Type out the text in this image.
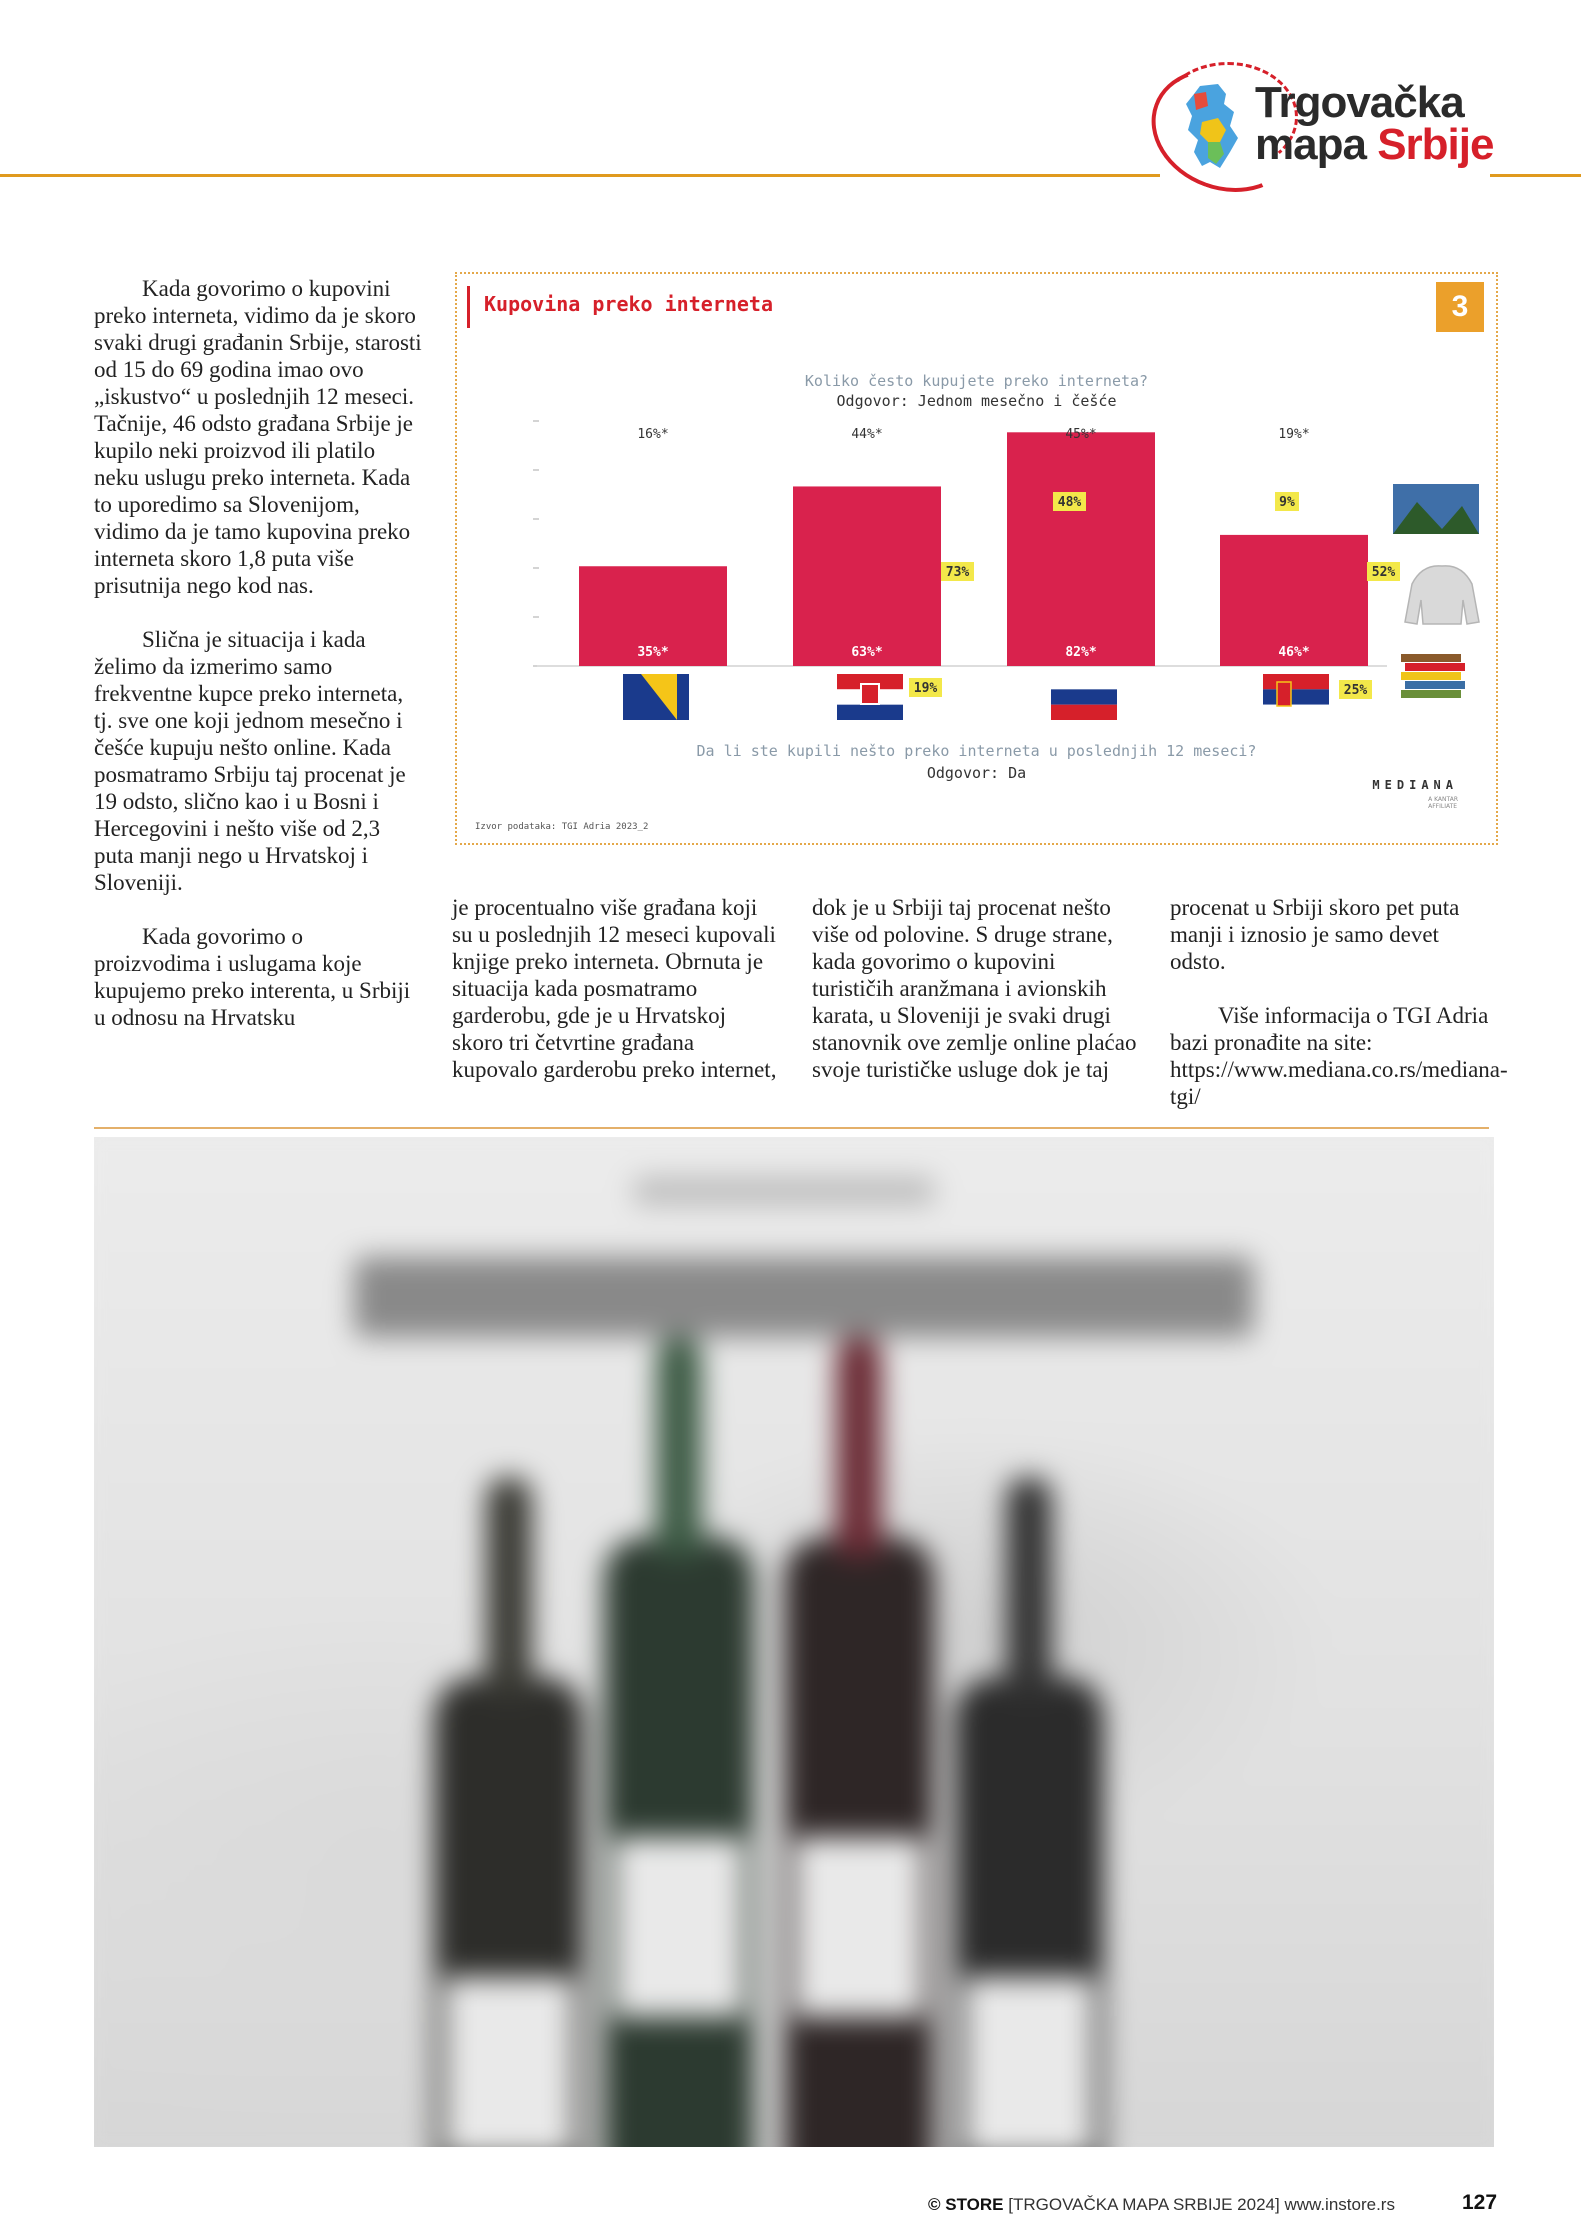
Trgovačka
mapa Srbije

Kada govorimo o kupovini preko interneta, vidimo da je skoro svaki drugi građanin Srbije, starosti od 15 do 69 godina imao ovo „iskustvo“ u poslednjih 12 meseci. Tačnije, 46 odsto građana Srbije je kupilo neki proizvod ili platilo neku uslugu preko interneta. Kada to uporedimo sa Slovenijom, vidimo da je tamo kupovina preko interneta skoro 1,8 puta više prisutnija nego kod nas.

Slična je situacija i kada želimo da izmerimo samo frekventne kupce preko interneta, tj. sve one koji jednom mesečno i češće kupuju nešto online. Kada posmatramo Srbiju taj procenat je 19 odsto, slično kao i u Bosni i Hercegovini i nešto više od 2,3 puta manji nego u Hrvatskoj i Sloveniji.

Kada govorimo o proizvodima i uslugama koje kupujemo preko interenta, u Srbiji u odnosu na Hrvatsku

Kupovina preko interneta	3
Koliko često kupujete preko interneta?
Odgovor: Jednom mesečno i češće
35%*
16%*
63%*
44%*
82%*
45%*
46%*
19%*
48%	9%
73%	52%
19%	25%
Da li ste kupili nešto preko interneta u poslednjih 12 meseci?
Odgovor: Da
Izvor podataka: TGI Adria 2023_2
MEDIANA
A KANTAR
AFFILIATE

je procentualno više građana koji su u poslednjih 12 meseci kupovali knjige preko interneta. Obrnuta je situacija kada posmatramo garderobu, gde je u Hrvatskoj skoro tri četvrtine građana kupovalo garderobu preko internet,

dok je u Srbiji taj procenat nešto više od polovine. S druge strane, kada govorimo o kupovini turističih aranžmana i avionskih karata, u Sloveniji je svaki drugi stanovnik ove zemlje online plaćao svoje turističke usluge dok je taj

procenat u Srbiji skoro pet puta manji i iznosio je samo devet odsto.

Više informacija o TGI Adria bazi pronađite na site: https://www.mediana.co.rs/mediana-tgi/

© STORE [TRGOVAČKA MAPA SRBIJE 2024] www.instore.rs	127
